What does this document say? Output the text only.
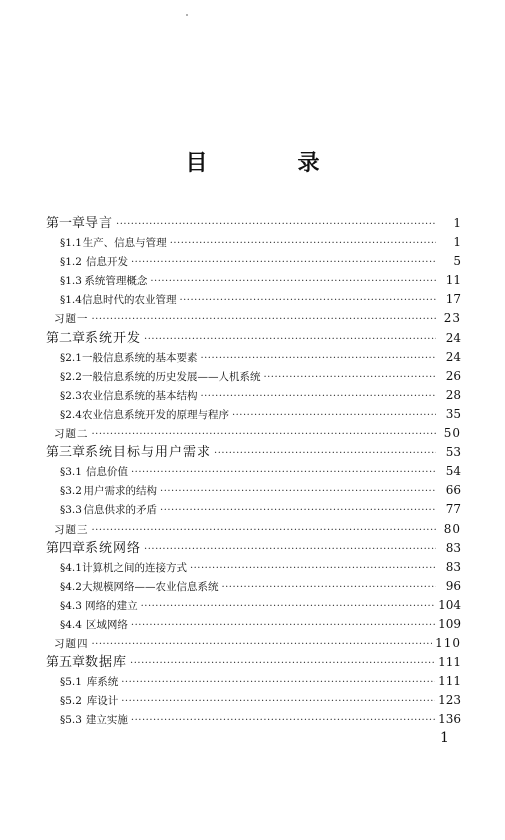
目　录
第一章 导言 ·····	1
§1.1 生产、信息与管理 ·····	1
§1.2 信息开发 ·····	5
§1.3 系统管理概念 ·····	11
§1.4 信息时代的农业管理 ·····	17
习题一 ·····	23
第二章 系统开发 ·····	24
§2.1 一般信息系统的基本要素 ·····	24
§2.2 一般信息系统的历史发展——人机系统 ·····	26
§2.3 农业信息系统的基本结构 ·····	28
§2.4 农业信息系统开发的原理与程序 ·····	35
习题二 ·····	50
第三章 系统目标与用户需求 ·····	53
§3.1 信息价值 ·····	54
§3.2 用户需求的结构 ·····	66
§3.3 信息供求的矛盾 ·····	77
习题三 ·····	80
第四章 系统网络 ·····	83
§4.1 计算机之间的连接方式 ·····	83
§4.2 大规模网络——农业信息系统 ·····	96
§4.3 网络的建立 ·····	104
§4.4 区域网络 ·····	109
习题四 ·····	110
第五章 数据库 ·····	111
§5.1 库系统 ·····	111
§5.2 库设计 ·····	123
§5.3 建立实施 ·····	136
1
